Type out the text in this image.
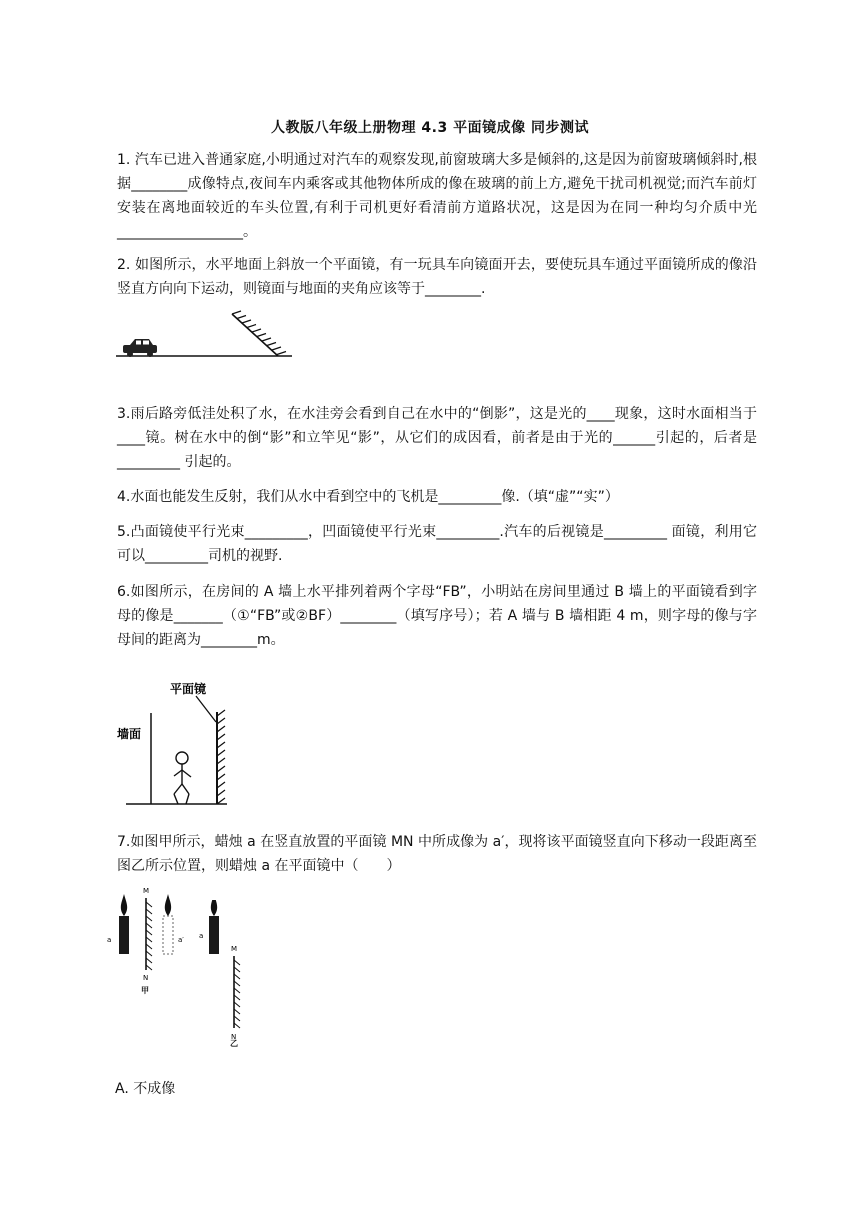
人教版八年级上册物理 4.3 平面镜成像 同步测试
1. 汽车已进入普通家庭,小明通过对汽车的观察发现,前窗玻璃大多是倾斜的,这是因为前窗玻璃倾斜时,根据________成像特点,夜间车内乘客或其他物体所成的像在玻璃的前上方,避免干扰司机视觉;而汽车前灯安装在离地面较近的车头位置,有利于司机更好看清前方道路状况，这是因为在同一种均匀介质中光__________________。
2. 如图所示，水平地面上斜放一个平面镜，有一玩具车向镜面开去，要使玩具车通过平面镜所成的像沿竖直方向向下运动，则镜面与地面的夹角应该等于________.
3.雨后路旁低洼处积了水，在水洼旁会看到自己在水中的“倒影”，这是光的____现象，这时水面相当于____镜。树在水中的倒“影”和立竿见“影”，从它们的成因看，前者是由于光的______引起的，后者是 _________ 引起的。
4.水面也能发生反射，我们从水中看到空中的飞机是_________像.（填“虚”“实”）
5.凸面镜使平行光束_________，凹面镜使平行光束_________.汽车的后视镜是_________ 面镜，利用它可以_________司机的视野.
6.如图所示，在房间的 A 墙上水平排列着两个字母“FB”，小明站在房间里通过 B 墙上的平面镜看到字母的像是_______（①“FB”或②BF）________（填写序号）；若 A 墙与 B 墙相距 4 m，则字母的像与字母间的距离为________m。
平面镜
墙面
7.如图甲所示，蜡烛 a 在竖直放置的平面镜 MN 中所成像为 a′，现将该平面镜竖直向下移动一段距离至图乙所示位置，则蜡烛 a 在平面镜中（　　）
a
M
N
a′
甲
a
M
N
乙
A. 不成像
